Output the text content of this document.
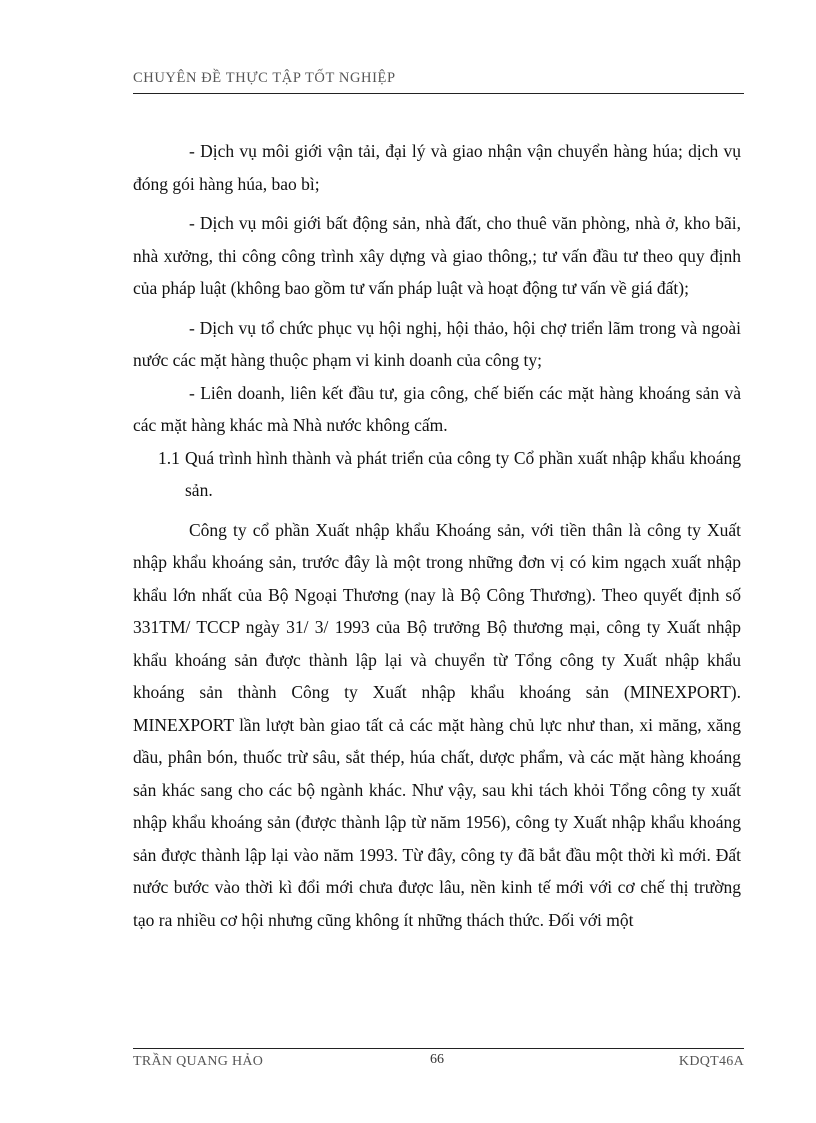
CHUYÊN ĐỀ THỰC TẬP TỐT NGHIỆP

- Dịch vụ môi giới vận tải, đại lý và giao nhận vận chuyển hàng húa; dịch vụ đóng gói hàng húa, bao bì;

- Dịch vụ môi giới bất động sản, nhà đất, cho thuê văn phòng, nhà ở, kho bãi, nhà xưởng, thi công công trình xây dựng và giao thông,; tư vấn đầu tư theo quy định của pháp luật (không bao gồm tư vấn pháp luật và hoạt động tư vấn về giá đất);

- Dịch vụ tổ chức phục vụ hội nghị, hội thảo, hội chợ triển lãm trong và ngoài nước các mặt hàng thuộc phạm vi kinh doanh của công ty;

- Liên doanh, liên kết đầu tư, gia công, chế biến các mặt hàng khoáng sản và các mặt hàng khác mà Nhà nước không cấm.

1.1 Quá trình hình thành và phát triển của công ty Cổ phần xuất nhập khẩu khoáng sản.

Công ty cổ phần Xuất nhập khẩu Khoáng sản, với tiền thân là công ty Xuất nhập khẩu khoáng sản, trước đây là một trong những đơn vị có kim ngạch xuất nhập khẩu lớn nhất của Bộ Ngoại Thương (nay là Bộ Công Thương). Theo quyết định số 331TM/ TCCP ngày 31/ 3/ 1993 của Bộ trưởng Bộ thương mại, công ty Xuất nhập khẩu khoáng sản được thành lập lại và chuyển từ Tổng công ty Xuất nhập khẩu khoáng sản thành Công ty Xuất nhập khẩu khoáng sản (MINEXPORT). MINEXPORT lần lượt bàn giao tất cả các mặt hàng chủ lực như than, xi măng, xăng dầu, phân bón, thuốc trừ sâu, sắt thép, húa chất, dược phẩm, và các mặt hàng khoáng sản khác sang cho các bộ ngành khác. Như vậy, sau khi tách khỏi Tổng công ty xuất nhập khẩu khoáng sản (được thành lập từ năm 1956), công ty Xuất nhập khẩu khoáng sản được thành lập lại vào năm 1993. Từ đây, công ty đã bắt đầu một thời kì mới. Đất nước bước vào thời kì đổi mới chưa được lâu, nền kinh tế mới với cơ chế thị trường tạo ra nhiều cơ hội nhưng cũng không ít những thách thức. Đối với một

TRẦN QUANG HẢO	66	KDQT46A
